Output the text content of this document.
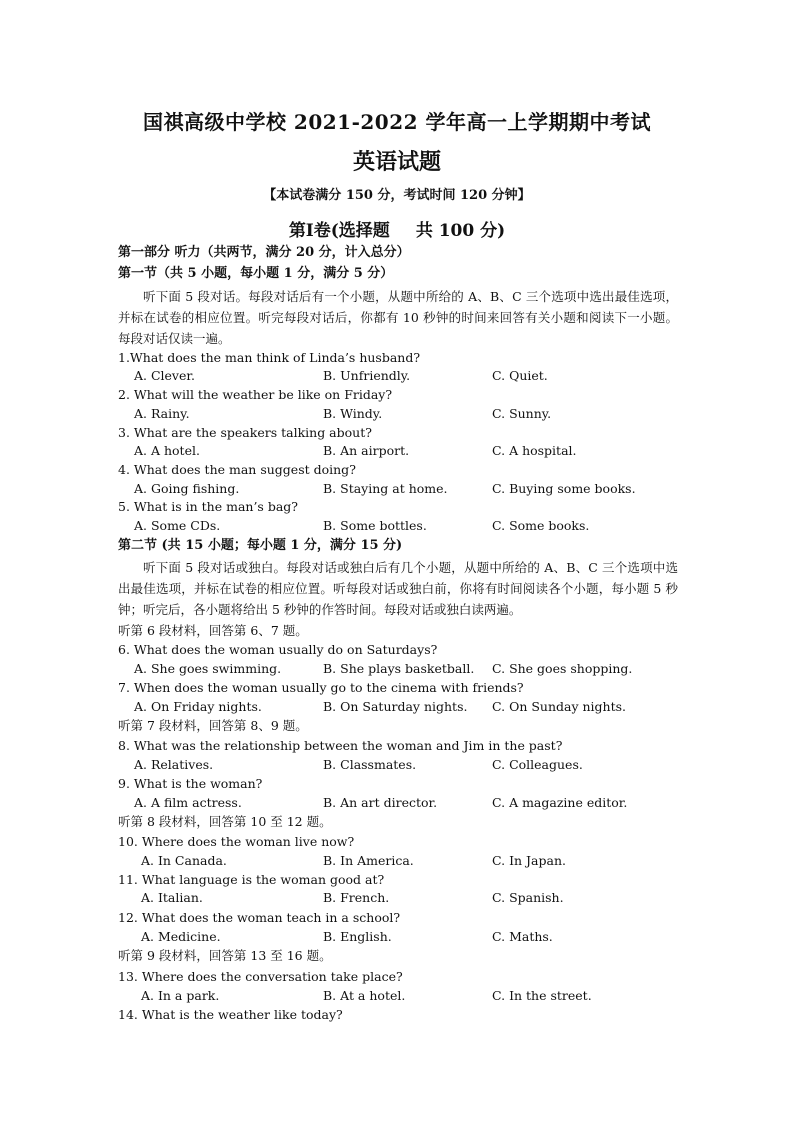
国祺高级中学校 2021-2022 学年高一上学期期中考试
英语试题
【本试卷满分 150 分，考试时间 120 分钟】
第Ⅰ卷(选择题 共 100 分)
第一部分 听力（共两节，满分 20 分，计入总分）
第一节（共 5 小题，每小题 1 分，满分 5 分）
听下面 5 段对话。每段对话后有一个小题，从题中所给的 A、B、C 三个选项中选出最佳选项，并标在试卷的相应位置。听完每段对话后，你都有 10 秒钟的时间来回答有关小题和阅读下一小题。每段对话仅读一遍。
1.What does the man think of Linda’s husband?
A. Clever.	B. Unfriendly.	C. Quiet.
2. What will the weather be like on Friday?
A. Rainy.	B. Windy.	C. Sunny.
3. What are the speakers talking about?
A. A hotel.	B. An airport.	C. A hospital.
4. What does the man suggest doing?
A. Going fishing.	B. Staying at home.	C. Buying some books.
5. What is in the man’s bag?
A. Some CDs.	B. Some bottles.	C. Some books.
第二节 (共 15 小题；每小题 1 分，满分 15 分)
听下面 5 段对话或独白。每段对话或独白后有几个小题，从题中所给的 A、B、C 三个选项中选出最佳选项，并标在试卷的相应位置。听每段对话或独白前，你将有时间阅读各个小题，每小题 5 秒钟；听完后，各小题将给出 5 秒钟的作答时间。每段对话或独白读两遍。
听第 6 段材料，回答第 6、7 题。
6. What does the woman usually do on Saturdays?
A. She goes swimming.	B. She plays basketball. C. She goes shopping.
7. When does the woman usually go to the cinema with friends?
A. On Friday nights.	B. On Saturday nights. C. On Sunday nights.
听第 7 段材料，回答第 8、9 题。
8. What was the relationship between the woman and Jim in the past?
A. Relatives.	B. Classmates.	C. Colleagues.
9. What is the woman?
A. A film actress.	B. An art director.	C. A magazine editor.
听第 8 段材料，回答第 10 至 12 题。
10. Where does the woman live now?
A. In Canada.	B. In America.	C. In Japan.
11. What language is the woman good at?
A. Italian.	B. French.	C. Spanish.
12. What does the woman teach in a school?
A. Medicine.	B. English.	C. Maths.
听第 9 段材料，回答第 13 至 16 题。
13. Where does the conversation take place?
A. In a park.	B. At a hotel.	C. In the street.
14. What is the weather like today?
